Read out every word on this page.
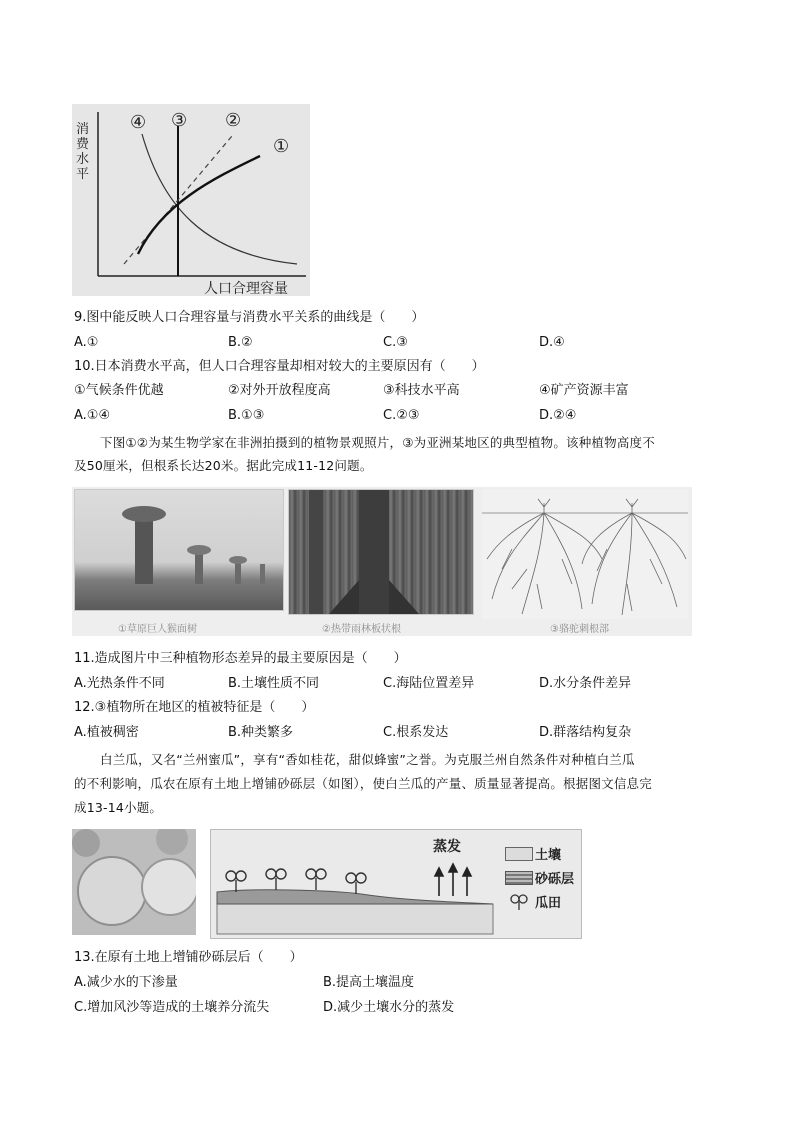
①
②
③
④
消费水平
人口合理容量
9.图中能反映人口合理容量与消费水平关系的曲线是（　　）
A.①	B.②	C.③	D.④
10.日本消费水平高，但人口合理容量却相对较大的主要原因有（　　）
①气候条件优越	②对外开放程度高	③科技水平高	④矿产资源丰富
A.①④	B.①③	C.②③	D.②④
下图①②为某生物学家在非洲拍摄到的植物景观照片，③为亚洲某地区的典型植物。该种植物高度不
及50厘米，但根系长达20米。据此完成11-12问题。
①草原巨人猴面树	②热带雨林板状根	③骆驼刺根部
11.造成图片中三种植物形态差异的最主要原因是（　　）
A.光热条件不同	B.土壤性质不同	C.海陆位置差异	D.水分条件差异
12.③植物所在地区的植被特征是（　　）
A.植被稠密	B.种类繁多	C.根系发达	D.群落结构复杂
白兰瓜，又名“兰州蜜瓜”，享有“香如桂花，甜似蜂蜜”之誉。为克服兰州自然条件对种植白兰瓜
的不利影响，瓜农在原有土地上增铺砂砾层（如图），使白兰瓜的产量、质量显著提高。根据图文信息完
成13-14小题。
蒸发
土壤
砂砾层
瓜田
13.在原有土地上增铺砂砾层后（　　）
A.减少水的下渗量	B.提高土壤温度
C.增加风沙等造成的土壤养分流失	D.减少土壤水分的蒸发
